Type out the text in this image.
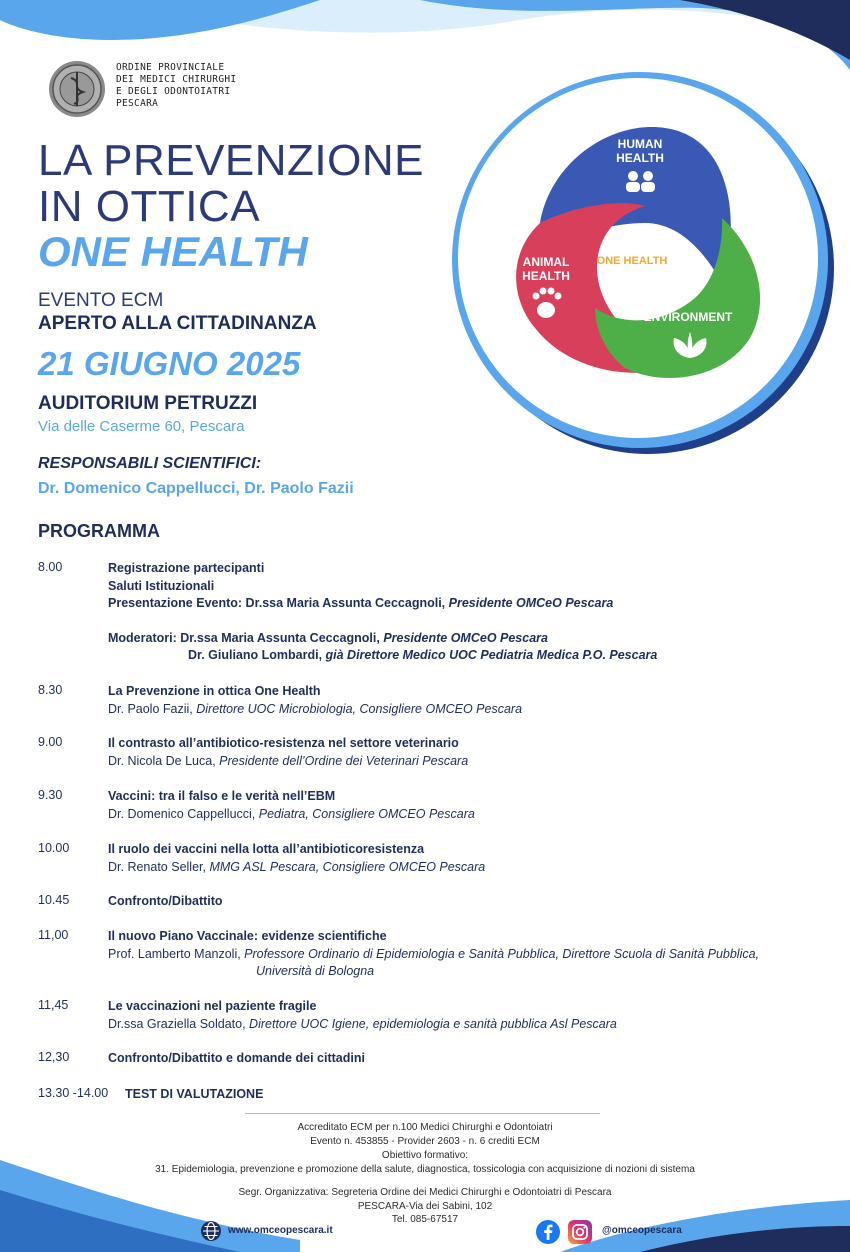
ORDINE PROVINCIALE
DEI MEDICI CHIRURGHI
E DEGLI ODONTOIATRI
PESCARA
LA PREVENZIONE
IN OTTICA
ONE HEALTH
EVENTO ECM
APERTO ALLA CITTADINANZA
21 GIUGNO 2025
AUDITORIUM PETRUZZI
Via delle Caserme 60, Pescara
RESPONSABILI SCIENTIFICI:
Dr. Domenico Cappellucci, Dr. Paolo Fazii
HUMAN
HEALTH
ANIMAL
HEALTH
ONE HEALTH
ENVIRONMENT
PROGRAMMA
8.00	Registrazione partecipanti
Saluti Istituzionali
Presentazione Evento: Dr.ssa Maria Assunta Ceccagnoli, Presidente OMCeO Pescara
Moderatori: Dr.ssa Maria Assunta Ceccagnoli, Presidente OMCeO Pescara
Dr. Giuliano Lombardi, già Direttore Medico UOC Pediatria Medica P.O. Pescara
8.30	La Prevenzione in ottica One Health
Dr. Paolo Fazii, Direttore UOC Microbiologia, Consigliere OMCEO Pescara
9.00	Il contrasto all’antibiotico-resistenza nel settore veterinario
Dr. Nicola De Luca, Presidente dell’Ordine dei Veterinari Pescara
9.30	Vaccini: tra il falso e le verità nell’EBM
Dr. Domenico Cappellucci, Pediatra, Consigliere OMCEO Pescara
10.00	Il ruolo dei vaccini nella lotta all’antibioticoresistenza
Dr. Renato Seller, MMG ASL Pescara, Consigliere OMCEO Pescara
10.45	Confronto/Dibattito
11,00	Il nuovo Piano Vaccinale: evidenze scientifiche
Prof. Lamberto Manzoli, Professore Ordinario di Epidemiologia e Sanità Pubblica, Direttore Scuola di Sanità Pubblica,
Università di Bologna
11,45	Le vaccinazioni nel paziente fragile
Dr.ssa Graziella Soldato, Direttore UOC Igiene, epidemiologia e sanità pubblica Asl Pescara
12,30	Confronto/Dibattito e domande dei cittadini
13.30 -14.00	TEST DI VALUTAZIONE
Accreditato ECM per n.100 Medici Chirurghi e Odontoiatri
Evento n. 453855 - Provider 2603 - n. 6 crediti ECM
Obiettivo formativo:
31. Epidemiologia, prevenzione e promozione della salute, diagnostica, tossicologia con acquisizione di nozioni di sistema
Segr. Organizzativa: Segreteria Ordine dei Medici Chirurghi e Odontoiatri di Pescara
PESCARA-Via dei Sabini, 102
Tel. 085-67517
www.omceopescara.it	@omceopescara
